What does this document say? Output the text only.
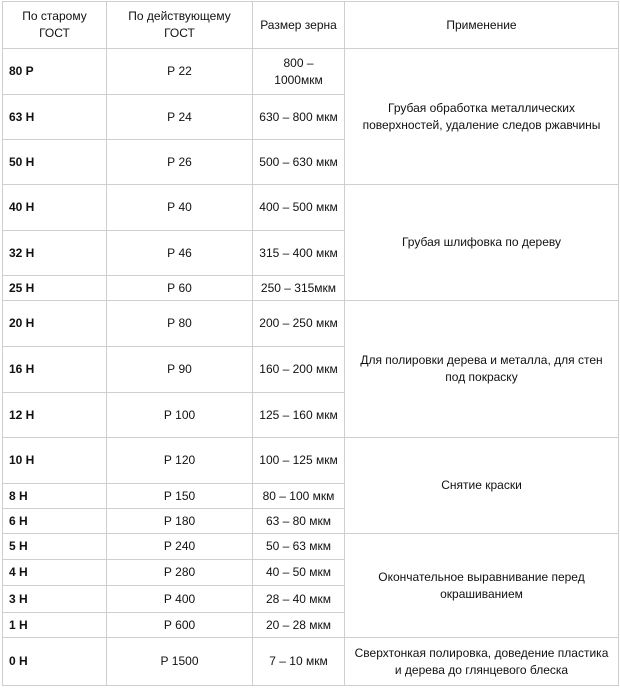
По старому ГОСТ	По действующему ГОСТ	Размер зерна	Применение
80 Р	Р 22	800 – 1000мкм	Грубая обработка металлических поверхностей, удаление следов ржавчины
63 Н	Р 24	630 – 800 мкм	
50 Н	Р 26	500 – 630 мкм	
40 Н	Р 40	400 – 500 мкм	Грубая шлифовка по дереву
32 Н	Р 46	315 – 400 мкм	
25 Н	Р 60	250 – 315мкм	
20 Н	Р 80	200 – 250 мкм	Для полировки дерева и металла, для стен под покраску
16 Н	Р 90	160 – 200 мкм	
12 Н	Р 100	125 – 160 мкм	
10 Н	Р 120	100 – 125 мкм	Снятие краски
8 Н	Р 150	80 – 100 мкм	
6 Н	Р 180	63 – 80 мкм	
5 Н	Р 240	50 – 63 мкм	Окончательное выравнивание перед окрашиванием
4 Н	Р 280	40 – 50 мкм	
3 Н	Р 400	28 – 40 мкм	
1 Н	Р 600	20 – 28 мкм	
0 Н	Р 1500	7 – 10 мкм	Сверхтонкая полировка, доведение пластика и дерева до глянцевого блеска
